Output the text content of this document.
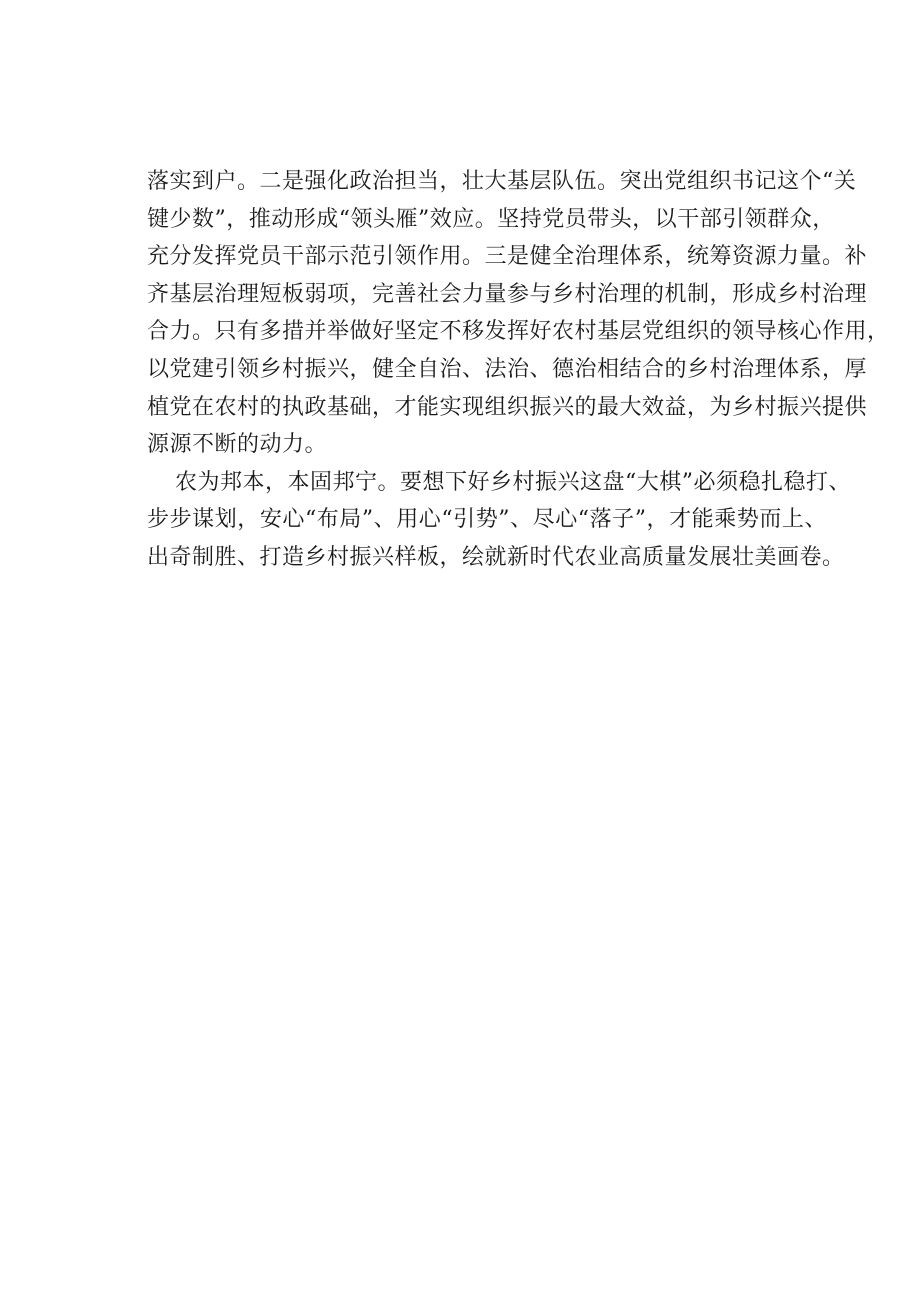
落实到户。二是强化政治担当，壮大基层队伍。突出党组织书记这个“关
键少数”，推动形成“领头雁”效应。坚持党员带头，以干部引领群众，
充分发挥党员干部示范引领作用。三是健全治理体系，统筹资源力量。补
齐基层治理短板弱项，完善社会力量参与乡村治理的机制，形成乡村治理
合力。只有多措并举做好坚定不移发挥好农村基层党组织的领导核心作用，
以党建引领乡村振兴，健全自治、法治、德治相结合的乡村治理体系，厚
植党在农村的执政基础，才能实现组织振兴的最大效益，为乡村振兴提供
源源不断的动力。
农为邦本，本固邦宁。要想下好乡村振兴这盘“大棋”必须稳扎稳打、
步步谋划，安心“布局”、用心“引势”、尽心“落子”，才能乘势而上、
出奇制胜、打造乡村振兴样板，绘就新时代农业高质量发展壮美画卷。
